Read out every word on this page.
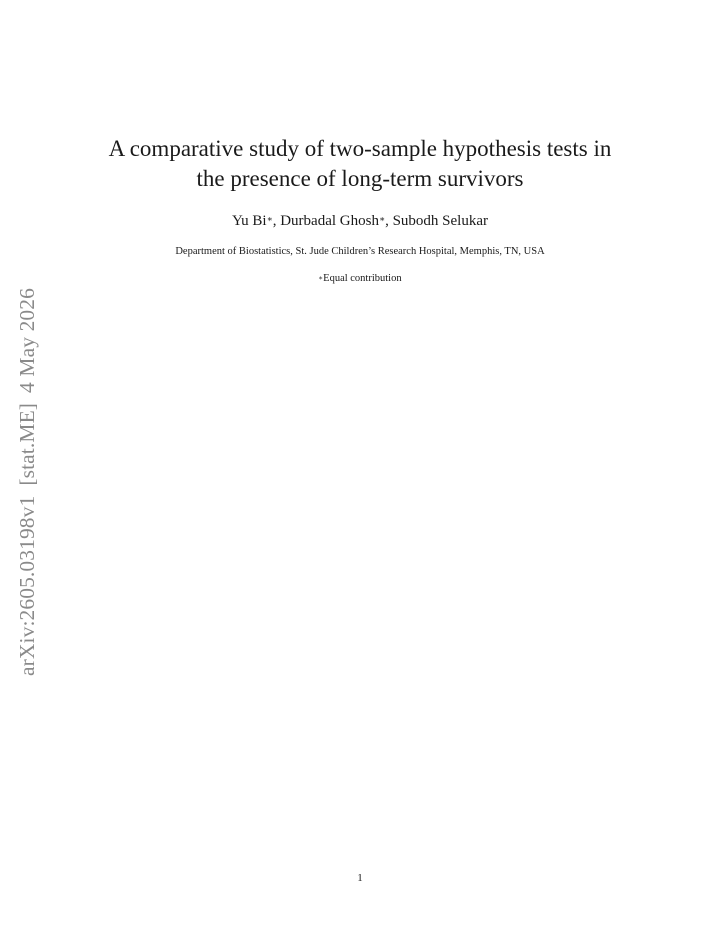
arXiv:2605.03198v1[stat.ME]4 May 2026
A comparative study of two-sample hypothesis tests in
the presence of long-term survivors
Yu Bi∗, Durbadal Ghosh∗, Subodh Selukar
Department of Biostatistics, St. Jude Children’s Research Hospital, Memphis, TN, USA
∗Equal contribution
1
